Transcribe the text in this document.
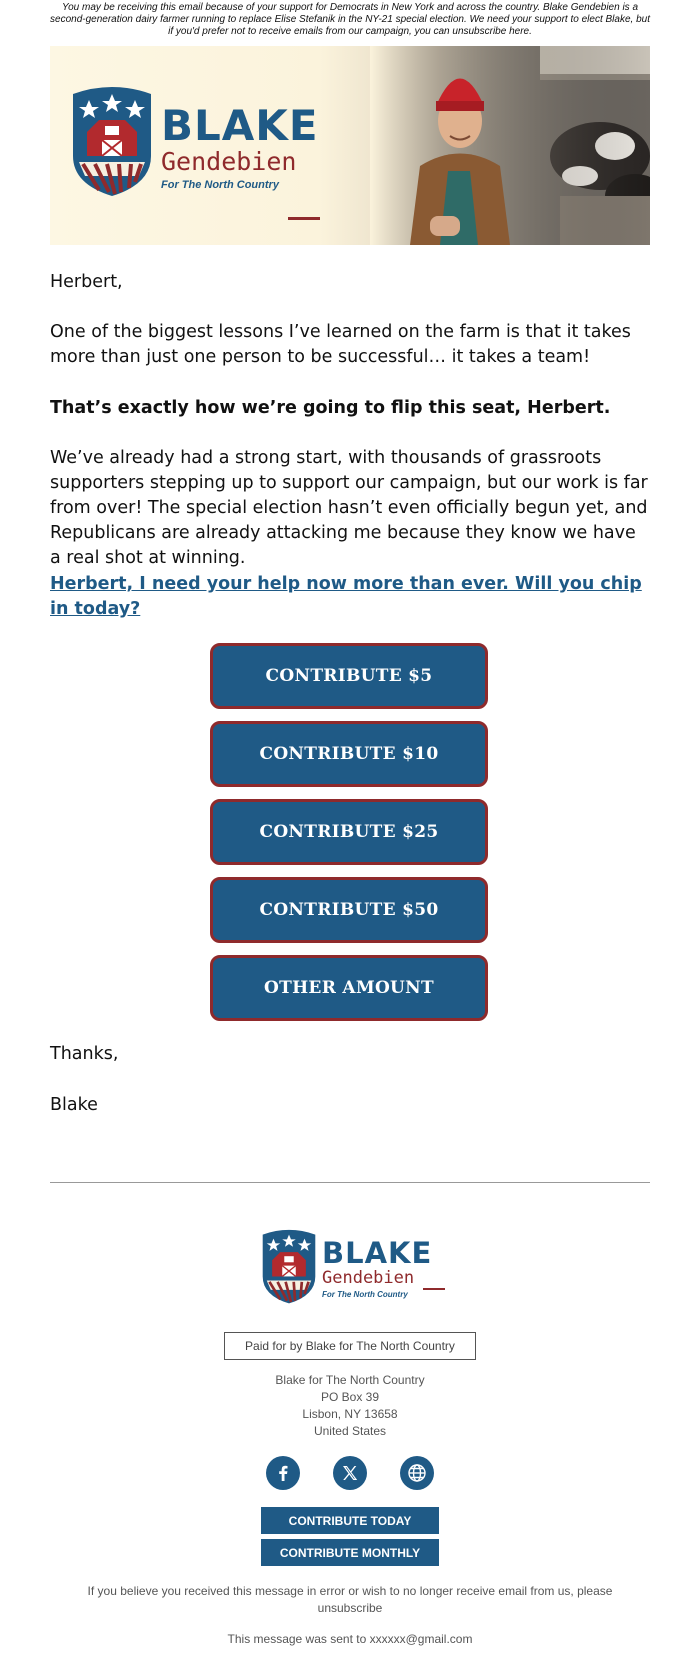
You may be receiving this email because of your support for Democrats in New York and across the country. Blake Gendebien is a second-generation dairy farmer running to replace Elise Stefanik in the NY-21 special election. We need your support to elect Blake, but if you'd prefer not to receive emails from our campaign, you can unsubscribe here.
BLAKE
Gendebien
For The North Country

Herbert,

One of the biggest lessons I’ve learned on the farm is that it takes more than just one person to be successful… it takes a team!

That’s exactly how we’re going to flip this seat, Herbert.

We’ve already had a strong start, with thousands of grassroots supporters stepping up to support our campaign, but our work is far from over! The special election hasn’t even officially begun yet, and Republicans are already attacking me because they know we have a real shot at winning.

Herbert, I need your help now more than ever. Will you chip in today?
CONTRIBUTE $5
CONTRIBUTE $10
CONTRIBUTE $25
CONTRIBUTE $50
OTHER AMOUNT

Thanks,

Blake

BLAKE
Gendebien
For The North Country
Paid for by Blake for The North Country
Blake for The North Country
PO Box 39
Lisbon, NY 13658
United States
CONTRIBUTE TODAY
CONTRIBUTE MONTHLY
If you believe you received this message in error or wish to no longer receive email from us, please unsubscribe
This message was sent to xxxxxx@gmail.com
